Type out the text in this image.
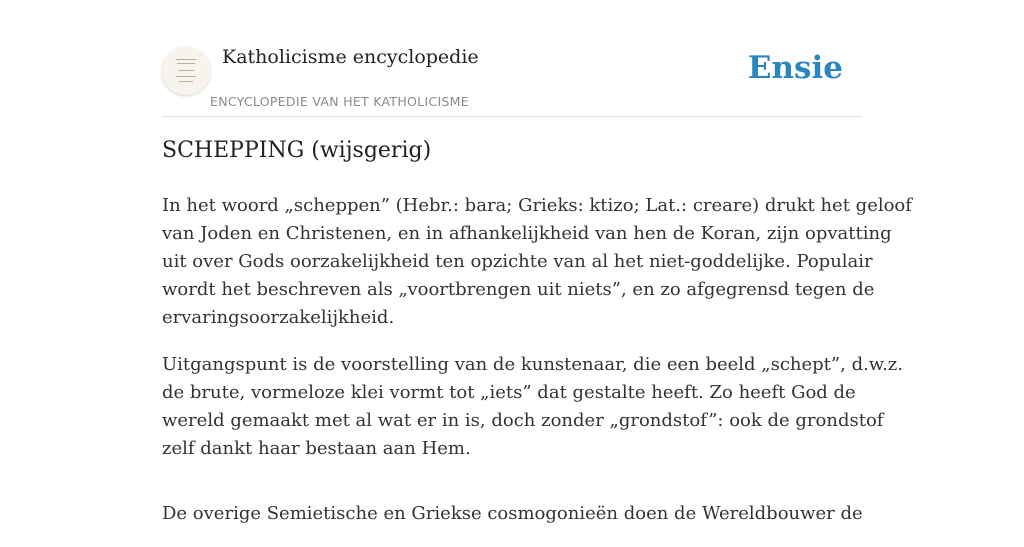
Katholicisme encyclopedie
ENCYCLOPEDIE VAN HET KATHOLICISME
Ensie
SCHEPPING (wijsgerig)

In het woord „scheppen” (Hebr.: bara; Grieks: ktizo; Lat.: creare) drukt het geloof
van Joden en Christenen, en in afhankelijkheid van hen de Koran, zijn opvatting
uit over Gods oorzakelijkheid ten opzichte van al het niet-goddelijke. Populair
wordt het beschreven als „voortbrengen uit niets”, en zo afgegrensd tegen de
ervaringsoorzakelijkheid.

Uitgangspunt is de voorstelling van de kunstenaar, die een beeld „schept”, d.w.z.
de brute, vormeloze klei vormt tot „iets” dat gestalte heeft. Zo heeft God de
wereld gemaakt met al wat er in is, doch zonder „grondstof”: ook de grondstof
zelf dankt haar bestaan aan Hem.

De overige Semietische en Griekse cosmogonieën doen de Wereldbouwer de
